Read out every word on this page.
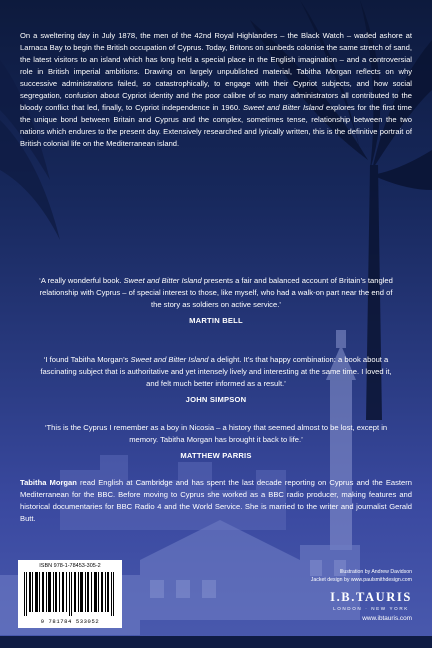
On a sweltering day in July 1878, the men of the 42nd Royal Highlanders – the Black Watch – waded ashore at Larnaca Bay to begin the British occupation of Cyprus. Today, Britons on sunbeds colonise the same stretch of sand, the latest visitors to an island which has long held a special place in the English imagination – and a controversial role in British imperial ambitions. Drawing on largely unpublished material, Tabitha Morgan reflects on why successive administrations failed, so catastrophically, to engage with their Cypriot subjects, and how social segregation, confusion about Cypriot identity and the poor calibre of so many administrators all contributed to the bloody conflict that led, finally, to Cypriot independence in 1960. Sweet and Bitter Island explores for the first time the unique bond between Britain and Cyprus and the complex, sometimes tense, relationship between the two nations which endures to the present day. Extensively researched and lyrically written, this is the definitive portrait of British colonial life on the Mediterranean island.

‘A really wonderful book. Sweet and Bitter Island presents a fair and balanced account of Britain’s tangled relationship with Cyprus – of special interest to those, like myself, who had a walk-on part near the end of the story as soldiers on active service.’

MARTIN BELL

‘I found Tabitha Morgan’s Sweet and Bitter Island a delight. It’s that happy combination: a book about a fascinating subject that is authoritative and yet intensely lively and interesting at the same time. I loved it, and felt much better informed as a result.’

JOHN SIMPSON

‘This is the Cyprus I remember as a boy in Nicosia – a history that seemed almost to be lost, except in memory. Tabitha Morgan has brought it back to life.’

MATTHEW PARRIS

Tabitha Morgan read English at Cambridge and has spent the last decade reporting on Cyprus and the Eastern Mediterranean for the BBC. Before moving to Cyprus she worked as a BBC radio producer, making features and historical documentaries for BBC Radio 4 and the World Service. She is married to the writer and journalist Gerald Butt.

ISBN 978-1-78453-305-2
9 781784 533052
Illustration by Andrew Davidson
Jacket design by www.paulsmithdesign.com
I.B.TAURIS
LONDON · NEW YORK
www.ibtauris.com
